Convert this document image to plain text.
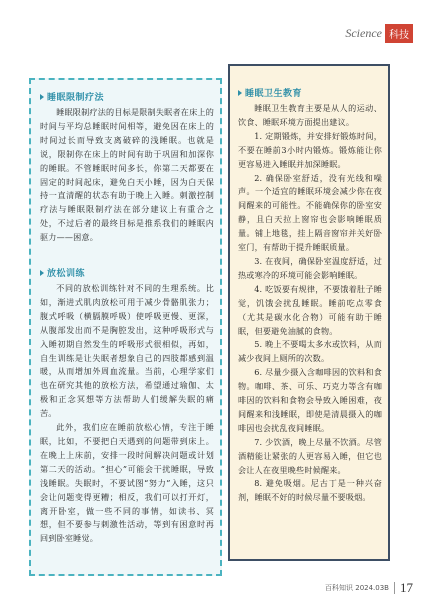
Science 科技
睡眠限制疗法

睡眠限制疗法的目标是限制失眠者在床上的时间与平均总睡眠时间相等，避免因在床上的时间过长而导致支离破碎的浅睡眠。也就是说，限制你在床上的时间有助于巩固和加深你的睡眠。不管睡眠时间多长，你第二天都要在固定的时间起床，避免白天小睡，因为白天保持一直清醒的状态有助于晚上入睡。刺激控制疗法与睡眠限制疗法在部分建议上有重合之处，不过后者的最终目标是推系我们的睡眠内驱力——困意。

放松训练

不同的放松训练针对不同的生理系统。比如，渐进式肌肉放松可用于减少骨骼肌张力；腹式呼吸（横膈膜呼吸）使呼吸更慢、更深，从腹部发出而不是胸腔发出，这种呼吸形式与入睡初期自然发生的呼吸形式很相似，再如，自生训练是让失眠者想象自己的四肢都感到温暖，从而增加外周血流量。当前，心理学家们也在研究其他的放松方法，希望通过瑜伽、太极和正念冥想等方法帮助人们缓解失眠的痛苦。

此外，我们应在睡前放松心情，专注于睡眠，比如，不要把白天遇到的问题带到床上。在晚上上床前，安排一段时间解决问题或计划第二天的活动。“担心”可能会干扰睡眠，导致浅睡眠。失眠时，不要试图“努力”入睡，这只会让问题变得更糟；相反，我们可以打开灯，离开卧室，做一些不同的事情，如读书、冥想，但不要参与刺激性活动，等到有困意时再回到卧室睡觉。

睡眠卫生教育

睡眠卫生教育主要是从人的运动、饮食、睡眠环境方面提出建议。

1. 定期锻炼，并安排好锻炼时间，不要在睡前3小时内锻炼。锻炼能让你更容易进入睡眠并加深睡眠。

2. 确保卧室舒适，没有光线和噪声。一个适宜的睡眠环境会减少你在夜间醒来的可能性。不能确保你的卧室安静，且白天拉上窗帘也会影响睡眠质量。铺上地毯，挂上隔音窗帘并关好卧室门，有帮助于提升睡眠质量。

3. 在夜间，确保卧室温度舒适，过热或寒冷的环境可能会影响睡眠。

4. 吃饭要有规律，不要饿着肚子睡觉，饥饿会扰乱睡眠。睡前吃点零食（尤其是碳水化合物）可能有助于睡眠，但要避免油腻的食物。

5. 晚上不要喝太多水或饮料，从而减少夜间上厕所的次数。

6. 尽量少摄入含咖啡因的饮料和食物。咖啡、茶、可乐、巧克力等含有咖啡因的饮料和食物会导致入睡困难，夜间醒来和浅睡眠，即使是清晨摄入的咖啡因也会扰乱夜间睡眠。

7. 少饮酒，晚上尽量不饮酒。尽管酒精能让紧张的人更容易入睡，但它也会让人在夜里晚些时候醒来。

8. 避免吸烟。尼古丁是一种兴奋剂，睡眠不好的时候尽量不要吸烟。

百科知识 2024.03B 17
